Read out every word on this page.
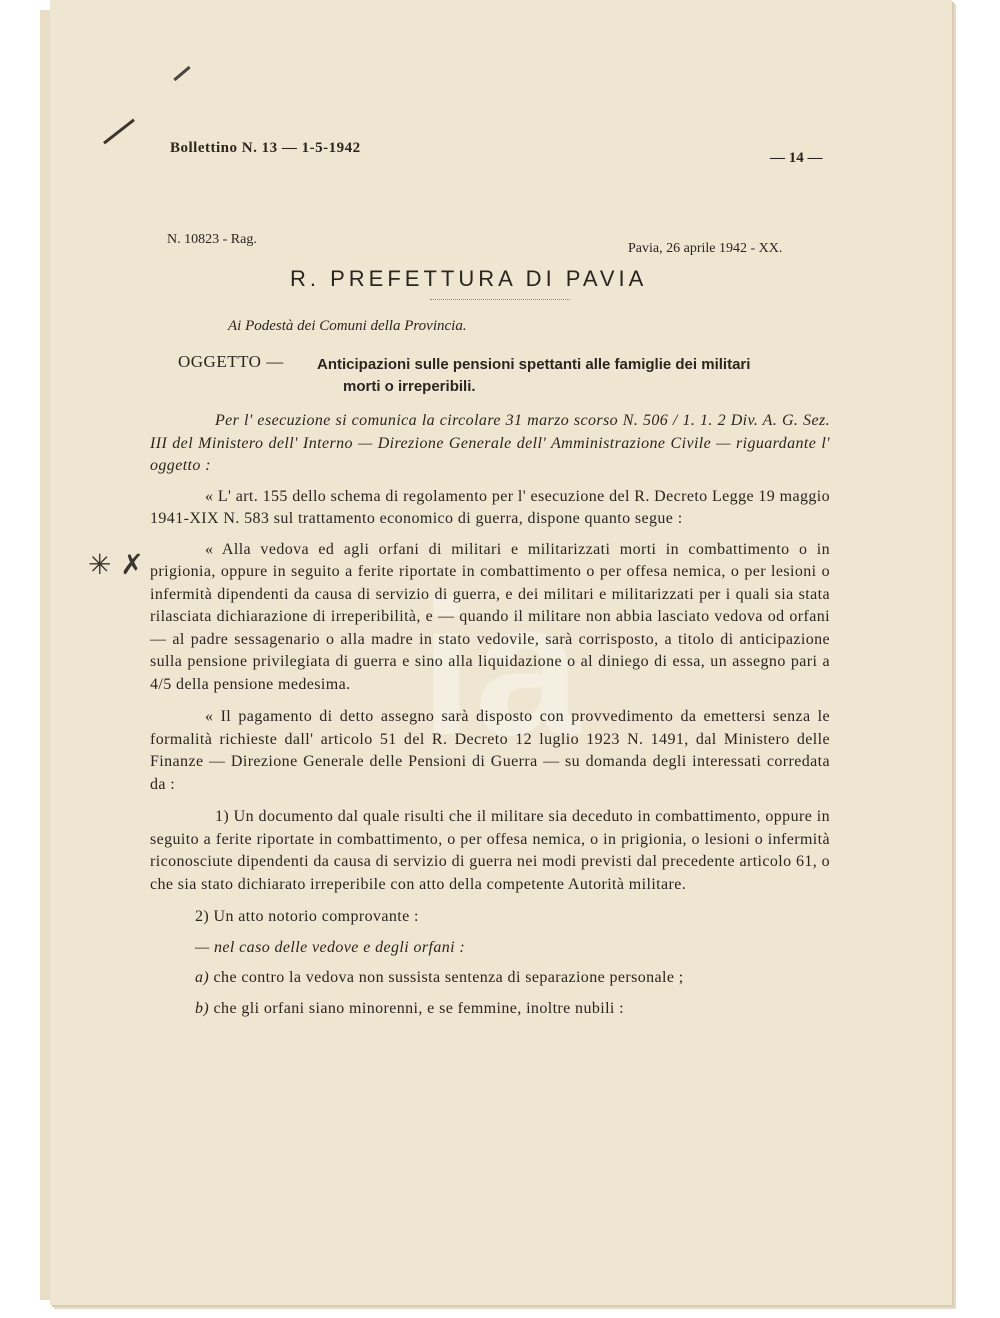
ia
Bollettino N. 13 — 1-5-1942
— 14 —
N. 10823 - Rag.
Pavia, 26 aprile 1942 - XX.
R. PREFETTURA DI PAVIA
Ai Podestà dei Comuni della Provincia.
OGGETTO — Anticipazioni sulle pensioni spettanti alle famiglie dei militari
morti o irreperibili.
✳ ✗

Per l' esecuzione si comunica la circolare 31 marzo scorso N. 506 / 1. 1. 2 Div. A. G. Sez. III del Ministero dell' Interno — Direzione Generale dell' Amministrazione Civile — riguardante l' oggetto :

« L' art. 155 dello schema di regolamento per l' esecuzione del R. Decreto Legge 19 maggio 1941-XIX N. 583 sul trattamento economico di guerra, dispone quanto segue :

« Alla vedova ed agli orfani di militari e militarizzati morti in combattimento o in prigionia, oppure in seguito a ferite riportate in combattimento o per offesa nemica, o per lesioni o infermità dipendenti da causa di servizio di guerra, e dei militari e militarizzati per i quali sia stata rilasciata dichiarazione di irreperibilità, e — quando il militare non abbia lasciato vedova od orfani — al padre sessagenario o alla madre in stato vedovile, sarà corrisposto, a titolo di anticipazione sulla pensione privilegiata di guerra e sino alla liquidazione o al diniego di essa, un assegno pari a 4/5 della pensione medesima.

« Il pagamento di detto assegno sarà disposto con provvedimento da emettersi senza le formalità richieste dall' articolo 51 del R. Decreto 12 luglio 1923 N. 1491, dal Ministero delle Finanze — Direzione Generale delle Pensioni di Guerra — su domanda degli interessati corredata da :

1) Un documento dal quale risulti che il militare sia deceduto in combattimento, oppure in seguito a ferite riportate in combattimento, o per offesa nemica, o in prigionia, o lesioni o infermità riconosciute dipendenti da causa di servizio di guerra nei modi previsti dal precedente articolo 61, o che sia stato dichiarato irreperibile con atto della competente Autorità militare.

2) Un atto notorio comprovante :

— nel caso delle vedove e degli orfani :

a) che contro la vedova non sussista sentenza di separazione personale ;

b) che gli orfani siano minorenni, e se femmine, inoltre nubili :
